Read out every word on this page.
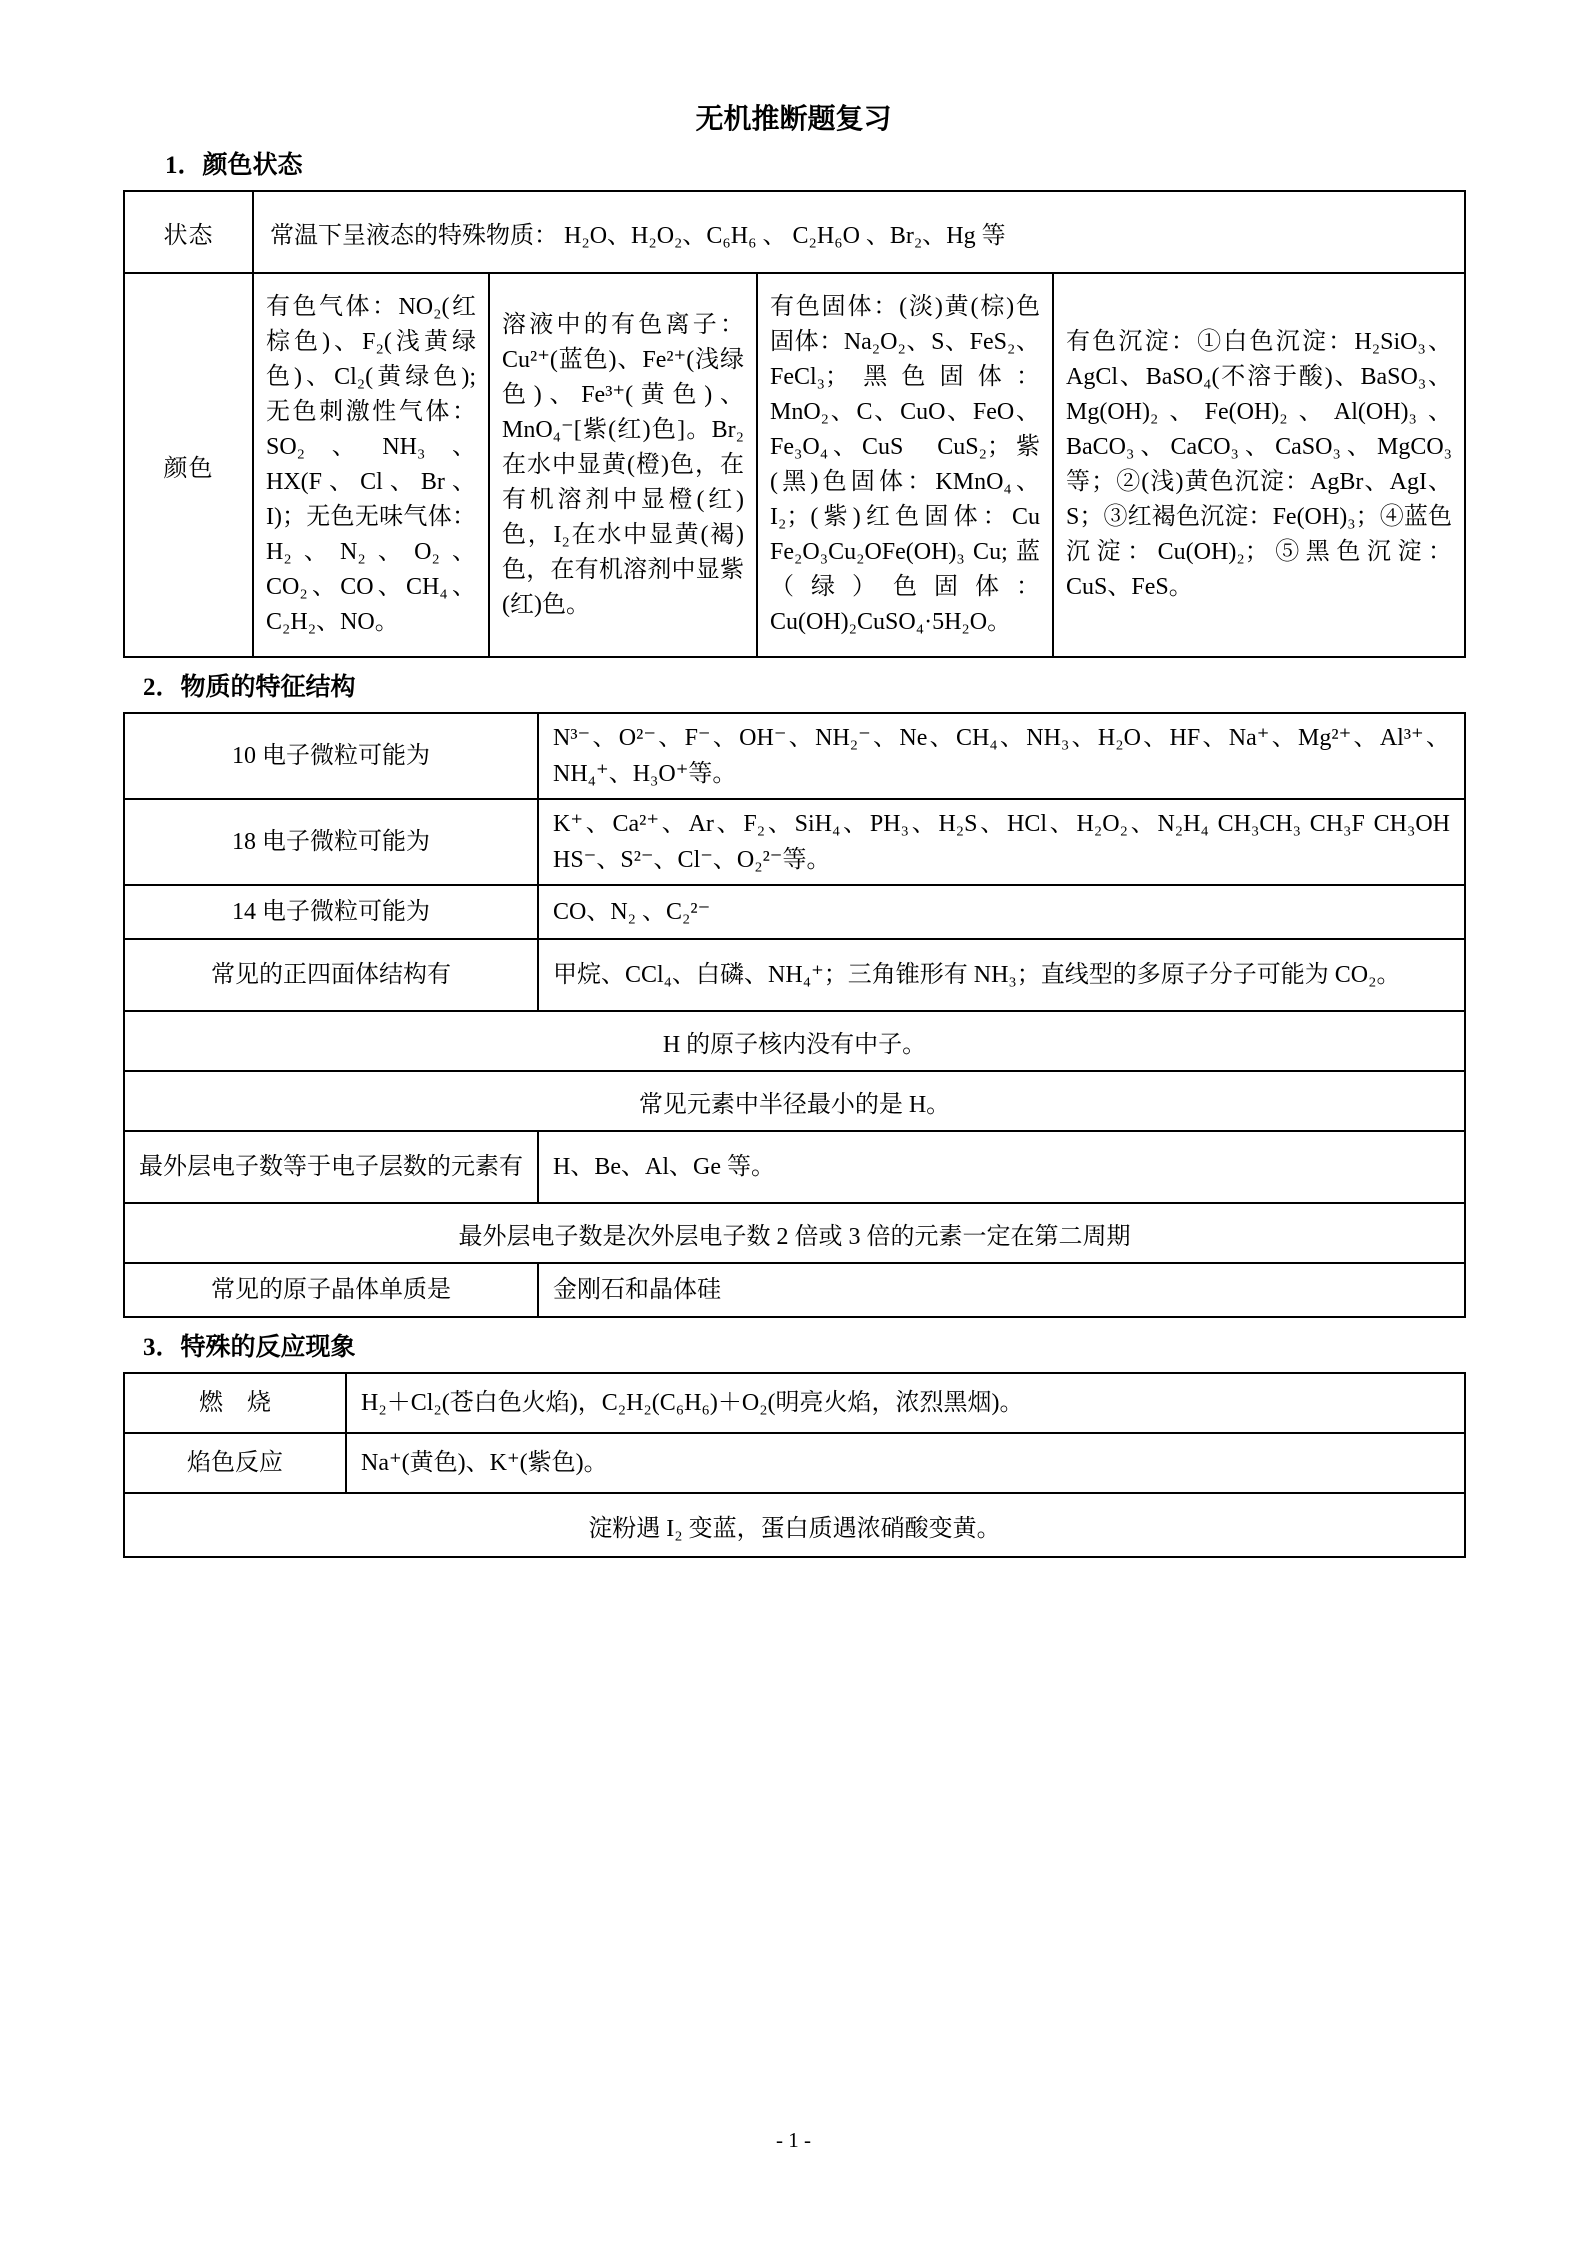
无机推断题复习
1．颜色状态
状态	常温下呈液态的特殊物质： H₂O、H₂O₂、C₆H₆ 、 C₂H₆O 、Br₂、Hg 等			
颜色	有色气体：NO₂(红棕色)、F₂(浅黄绿色)、Cl₂(黄绿色); 无色刺激性气体：SO₂、NH₃、HX(F、Cl、Br、I)；无色无味气体：H₂、N₂、O₂、CO₂、CO、CH₄、C₂H₂、NO。	溶液中的有色离子：Cu²⁺(蓝色)、Fe²⁺(浅绿色)、Fe³⁺(黄色)、MnO₄⁻[紫(红)色]。Br₂在水中显黄(橙)色，在有机溶剂中显橙(红)色，I₂在水中显黄(褐)色，在有机溶剂中显紫(红)色。	有色固体：(淡)黄(棕)色固体：Na₂O₂、S、FeS₂、FeCl₃；黑色固体：MnO₂、C、CuO、FeO、Fe₃O₄、CuS　CuS₂；紫(黑)色固体：KMnO₄、I₂；(紫)红色固体：Cu Fe₂O₃Cu₂OFe(OH)₃ Cu; 蓝（绿）色固体：Cu(OH)₂CuSO₄·5H₂O。	有色沉淀：①白色沉淀：H₂SiO₃、AgCl、BaSO₄(不溶于酸)、BaSO₃、Mg(OH)₂、Fe(OH)₂、Al(OH)₃、BaCO₃、CaCO₃、CaSO₃、MgCO₃等；②(浅)黄色沉淀：AgBr、AgI、S；③红褐色沉淀：Fe(OH)₃；④蓝色沉淀：Cu(OH)₂；⑤黑色沉淀：CuS、FeS。
2．物质的特征结构
10 电子微粒可能为	N³⁻、O²⁻、F⁻、OH⁻、NH₂⁻、Ne、CH₄、NH₃、H₂O、HF、Na⁺、Mg²⁺、Al³⁺、NH₄⁺、H₃O⁺等。
18 电子微粒可能为	K⁺、Ca²⁺、Ar、F₂、SiH₄、PH₃、H₂S、HCl、H₂O₂、N₂H₄ CH₃CH₃ CH₃F CH₃OH　HS⁻、S²⁻、Cl⁻、O₂²⁻等。
14 电子微粒可能为	CO、N₂ 、C₂²⁻
常见的正四面体结构有	甲烷、CCl₄、白磷、NH₄⁺；三角锥形有 NH₃；直线型的多原子分子可能为 CO₂。
H 的原子核内没有中子。	
常见元素中半径最小的是 H。	
最外层电子数等于电子层数的元素有	H、Be、Al、Ge 等。
最外层电子数是次外层电子数 2 倍或 3 倍的元素一定在第二周期	
常见的原子晶体单质是	金刚石和晶体硅
3．特殊的反应现象
燃　烧	H₂＋Cl₂(苍白色火焰)，C₂H₂(C₆H₆)＋O₂(明亮火焰，浓烈黑烟)。
焰色反应	Na⁺(黄色)、K⁺(紫色)。
淀粉遇 I₂ 变蓝，蛋白质遇浓硝酸变黄。	
- 1 -
